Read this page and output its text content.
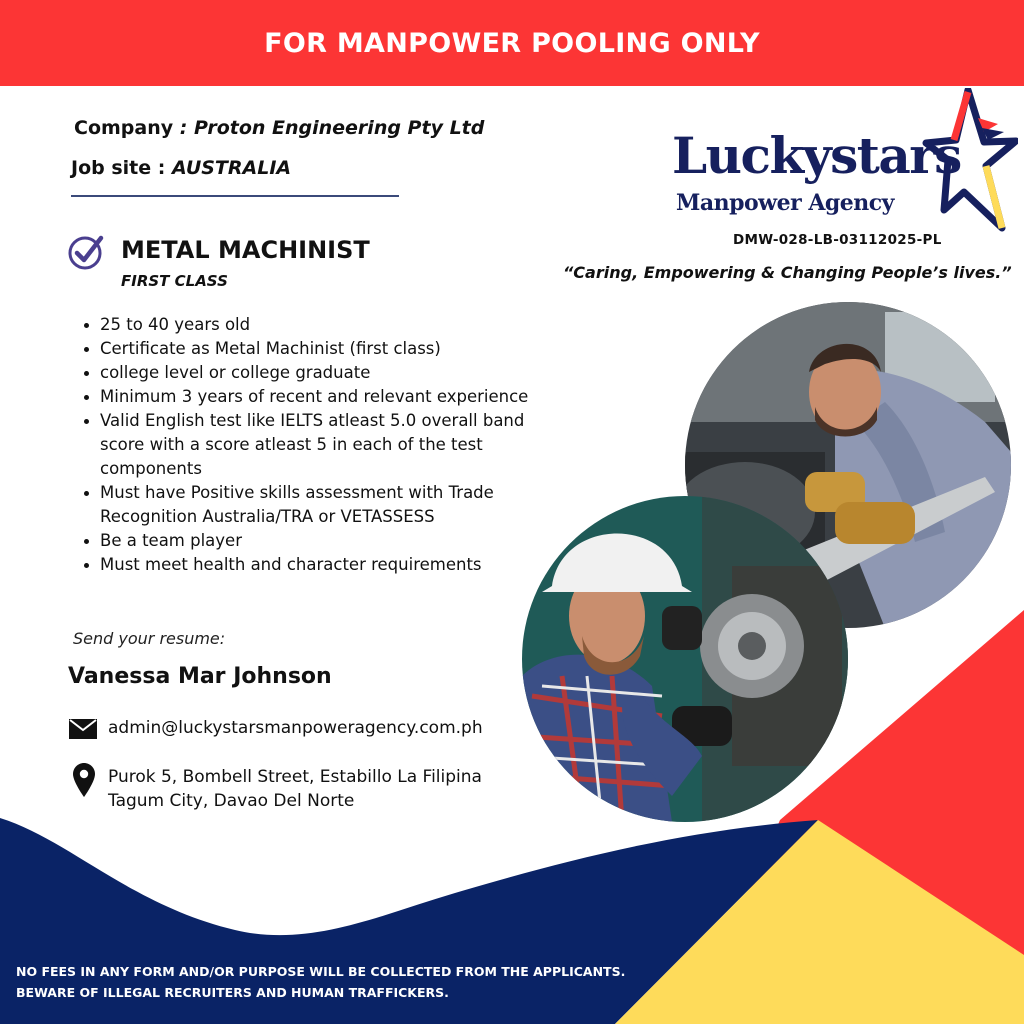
FOR MANPOWER POOLING ONLY
Company : Proton Engineering Pty Ltd
Job site : AUSTRALIA
METAL MACHINIST
FIRST CLASS
25 to 40 years old
Certificate as Metal Machinist (first class)
college level or college graduate
Minimum 3 years of recent and relevant experience
Valid English test like IELTS atleast 5.0 overall band score with a score atleast 5 in each of the test components
Must have Positive skills assessment with Trade Recognition Australia/TRA or VETASSESS
Be a team player
Must meet health and character requirements
Send your resume:
Vanessa Mar Johnson
admin@luckystarsmanpoweragency.com.ph
Purok 5, Bombell Street, Estabillo La Filipina
Tagum City, Davao Del Norte
Luckystars
Manpower Agency
DMW-028-LB-03112025-PL
“Caring, Empowering & Changing People’s lives.”
NO FEES IN ANY FORM AND/OR PURPOSE WILL BE COLLECTED FROM THE APPLICANTS.
BEWARE OF ILLEGAL RECRUITERS AND HUMAN TRAFFICKERS.
